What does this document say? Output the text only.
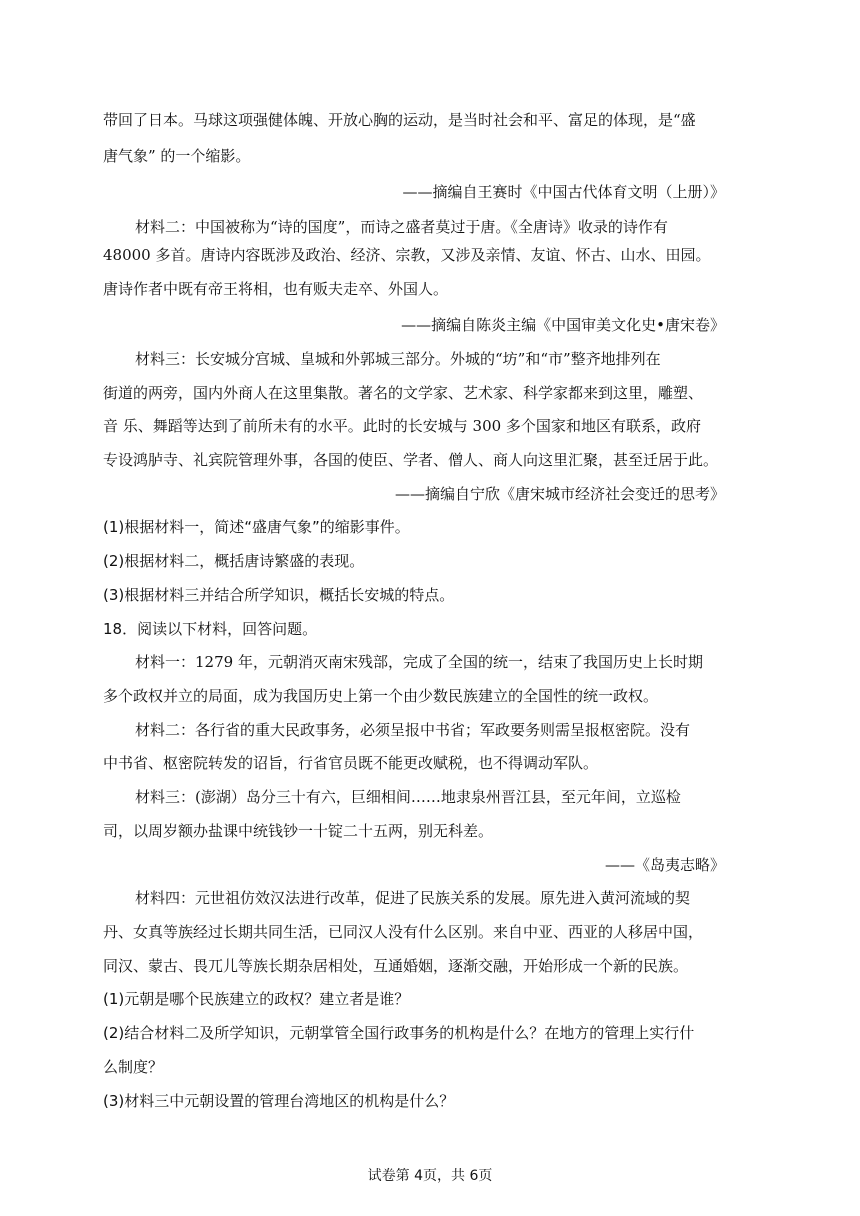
带回了日本。马球这项强健体魄、开放心胸的运动，是当时社会和平、富足的体现，是“盛
唐气象” 的一个缩影。
——摘编自王赛时《中国古代体育文明（上册）》
材料二：中国被称为“诗的国度”，而诗之盛者莫过于唐。《全唐诗》收录的诗作有
48000 多首。唐诗内容既涉及政治、经济、宗教，又涉及亲情、友谊、怀古、山水、田园。
唐诗作者中既有帝王将相，也有贩夫走卒、外国人。
——摘编自陈炎主编《中国审美文化史•唐宋卷》
材料三：长安城分宫城、皇城和外郭城三部分。外城的“坊”和“市”整齐地排列在
街道的两旁，国内外商人在这里集散。著名的文学家、艺术家、科学家都来到这里，雕塑、
音 乐、舞蹈等达到了前所未有的水平。此时的长安城与 300 多个国家和地区有联系，政府
专设鸿胪寺、礼宾院管理外事，各国的使臣、学者、僧人、商人向这里汇聚，甚至迁居于此。
——摘编自宁欣《唐宋城市经济社会变迁的思考》
(1)根据材料一，简述“盛唐气象”的缩影事件。
(2)根据材料二，概括唐诗繁盛的表现。
(3)根据材料三并结合所学知识，概括长安城的特点。
18．阅读以下材料，回答问题。
材料一：1279 年，元朝消灭南宋残部，完成了全国的统一，结束了我国历史上长时期
多个政权并立的局面，成为我国历史上第一个由少数民族建立的全国性的统一政权。
材料二：各行省的重大民政事务，必须呈报中书省；军政要务则需呈报枢密院。没有
中书省、枢密院转发的诏旨，行省官员既不能更改赋税，也不得调动军队。
材料三：(澎湖）岛分三十有六，巨细相间……地隶泉州晋江县，至元年间，立巡检
司，以周岁额办盐课中统钱钞一十锭二十五两，别无科差。
——《岛夷志略》
材料四：元世祖仿效汉法进行改革，促进了民族关系的发展。原先进入黄河流域的契
丹、女真等族经过长期共同生活，已同汉人没有什么区别。来自中亚、西亚的人移居中国，
同汉、蒙古、畏兀儿等族长期杂居相处，互通婚姻，逐渐交融，开始形成一个新的民族。
(1)元朝是哪个民族建立的政权？建立者是谁？
(2)结合材料二及所学知识，元朝掌管全国行政事务的机构是什么？在地方的管理上实行什
么制度？
(3)材料三中元朝设置的管理台湾地区的机构是什么？
试卷第 4页，共 6页
